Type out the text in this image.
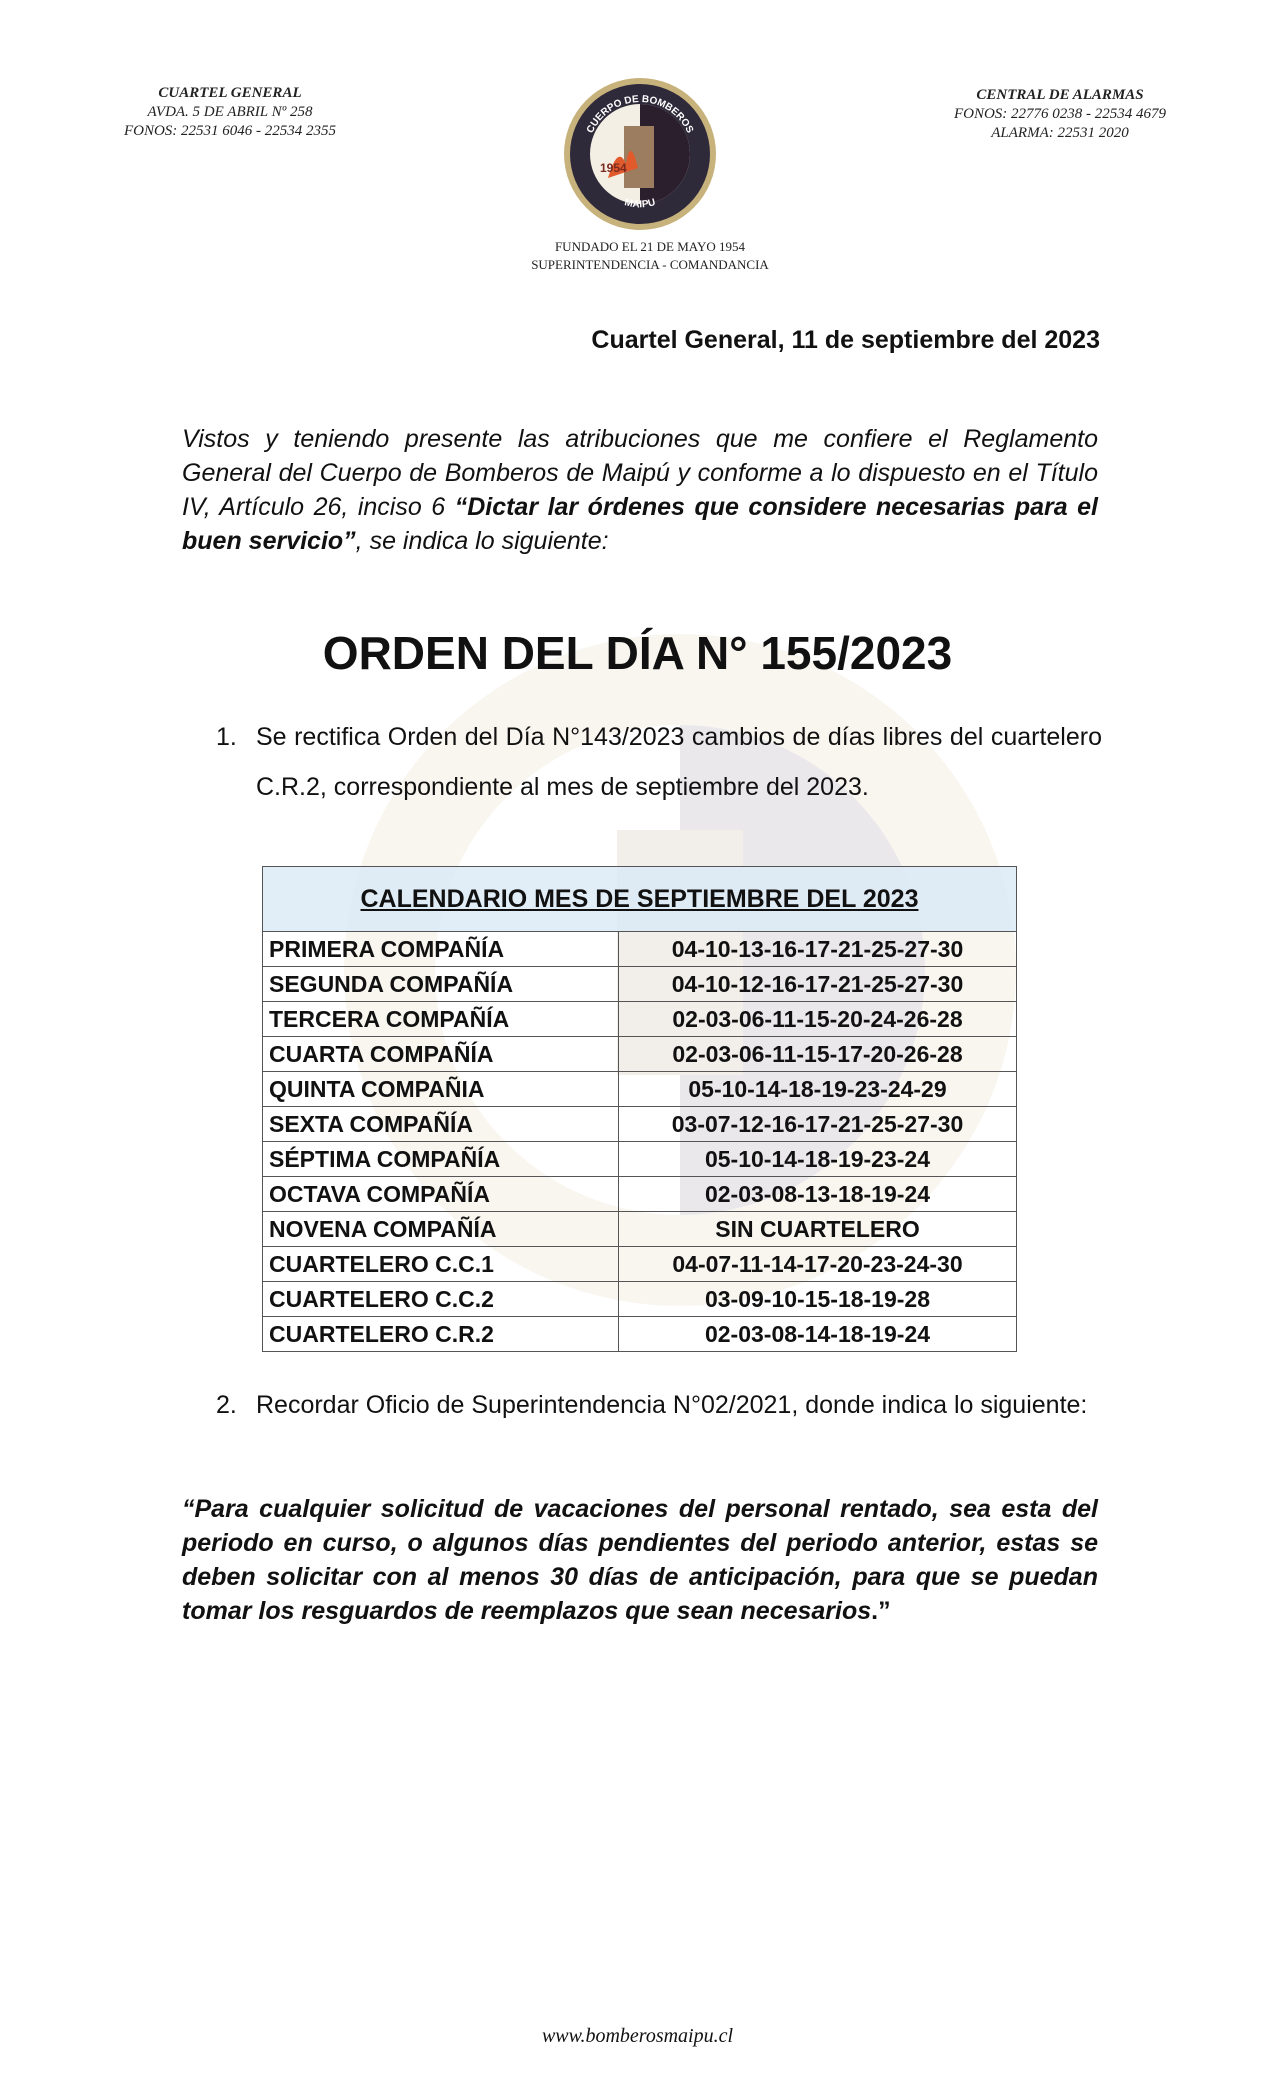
CUARTEL GENERAL
AVDA. 5 DE ABRIL Nº 258
FONOS: 22531 6046 - 22534 2355
1954
CUERPO DE BOMBEROS
MAIPU
CENTRAL DE ALARMAS
FONOS: 22776 0238 - 22534 4679
ALARMA: 22531 2020
FUNDADO EL 21 DE MAYO 1954
SUPERINTENDENCIA - COMANDANCIA
Cuartel General, 11 de septiembre del 2023
Vistos y teniendo presente las atribuciones que me confiere el Reglamento General del Cuerpo de Bomberos de Maipú y conforme a lo dispuesto en el Título IV, Artículo 26, inciso 6 “Dictar lar órdenes que considere necesarias para el buen servicio”, se indica lo siguiente:
ORDEN DEL DÍA N° 155/2023
1. Se rectifica Orden del Día N°143/2023 cambios de días libres del cuartelero C.R.2, correspondiente al mes de septiembre del 2023.
CALENDARIO MES DE SEPTIEMBRE DEL 2023	
PRIMERA COMPAÑÍA	04-10-13-16-17-21-25-27-30
SEGUNDA COMPAÑÍA	04-10-12-16-17-21-25-27-30
TERCERA COMPAÑÍA	02-03-06-11-15-20-24-26-28
CUARTA COMPAÑÍA	02-03-06-11-15-17-20-26-28
QUINTA COMPAÑIA	05-10-14-18-19-23-24-29
SEXTA COMPAÑÍA	03-07-12-16-17-21-25-27-30
SÉPTIMA COMPAÑÍA	05-10-14-18-19-23-24
OCTAVA COMPAÑÍA	02-03-08-13-18-19-24
NOVENA COMPAÑÍA	SIN CUARTELERO
CUARTELERO C.C.1	04-07-11-14-17-20-23-24-30
CUARTELERO C.C.2	03-09-10-15-18-19-28
CUARTELERO C.R.2	02-03-08-14-18-19-24
2. Recordar Oficio de Superintendencia N°02/2021, donde indica lo siguiente:
“Para cualquier solicitud de vacaciones del personal rentado, sea esta del periodo en curso, o algunos días pendientes del periodo anterior, estas se deben solicitar con al menos 30 días de anticipación, para que se puedan tomar los resguardos de reemplazos que sean necesarios.”
www.bomberosmaipu.cl
